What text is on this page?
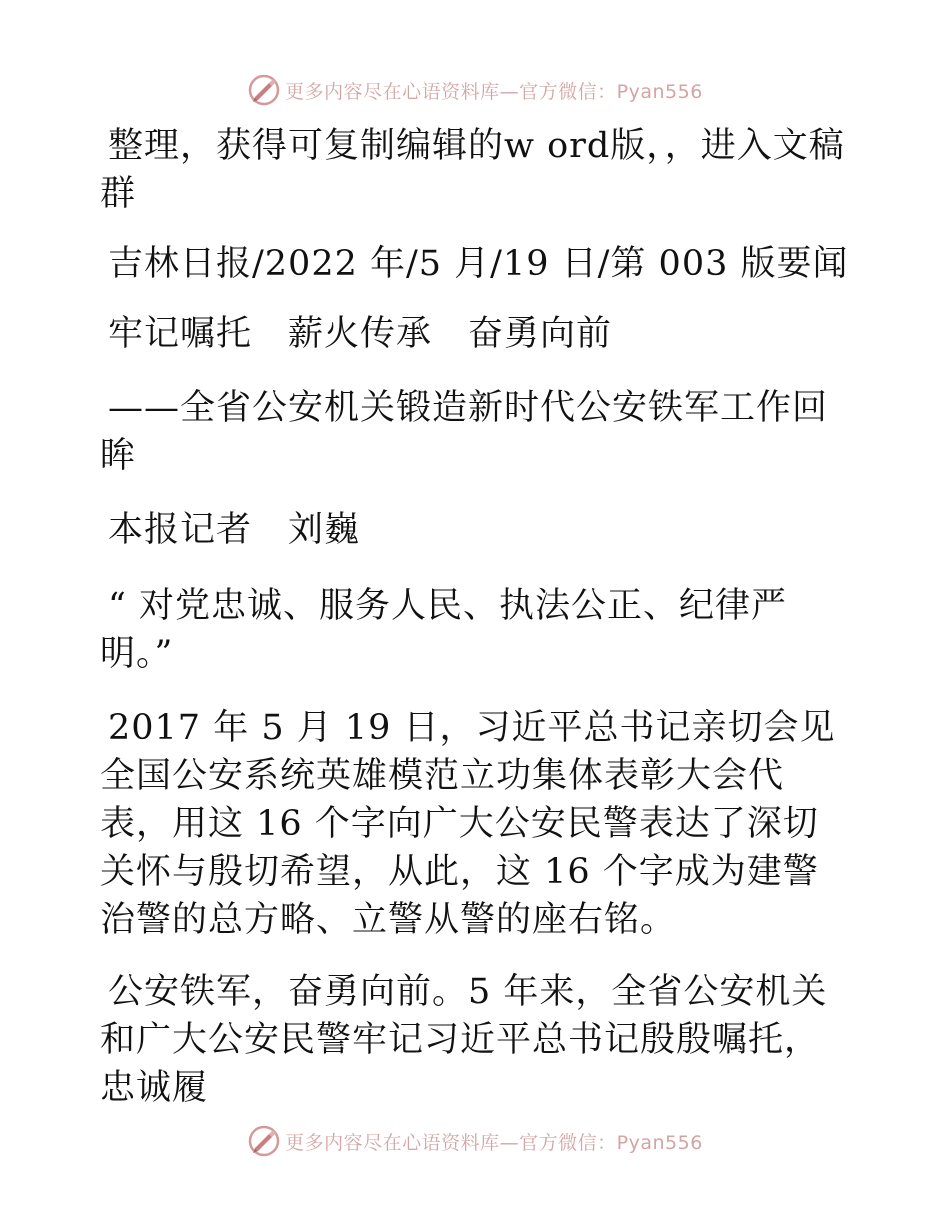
更多内容尽在心语资料库—官方微信：Pyan556

整理，获得可复制编辑的w ord版，，进入文稿群

吉林日报/2022 年/5 月/19 日/第 003 版要闻

牢记嘱托　薪火传承　奋勇向前

——全省公安机关锻造新时代公安铁军工作回眸

本报记者　刘巍

“ 对党忠诚、服务人民、执法公正、纪律严明。”

2017 年 5 月 19 日，习近平总书记亲切会见全国公安系统英雄模范立功集体表彰大会代表，用这 16 个字向广大公安民警表达了深切关怀与殷切希望，从此，这 16 个字成为建警治警的总方略、立警从警的座右铭。

公安铁军，奋勇向前。5 年来，全省公安机关和广大公安民警牢记习近平总书记殷殷嘱托，忠诚履

更多内容尽在心语资料库—官方微信：Pyan556
